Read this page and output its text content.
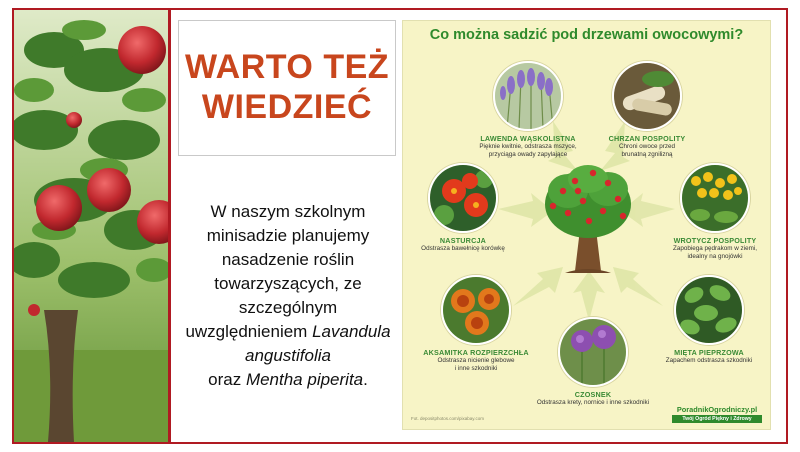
WARTO TEŻ
WIEDZIEĆ
W naszym szkolnym minisadzie planujemy nasadzenie roślin towarzyszących, ze szczególnym uwzględnieniem Lavandula angustifolia
oraz Mentha piperita.
Co można sadzić pod drzewami owocowymi?
LAWENDA WĄSKOLISTNA
Pięknie kwitnie, odstrasza mszyce,
przyciąga owady zapylające
CHRZAN POSPOLITY
Chroni owoce przed
brunatną zgnilizną
NASTURCJA
Odstrasza bawełnicę korówkę
WROTYCZ POSPOLITY
Zapobiega pędrakom w ziemi,
idealny na gnojówki
AKSAMITKA ROZPIERZCHŁA
Odstrasza nicienie glebowe
i inne szkodniki
MIĘTA PIEPRZOWA
Zapachem odstrasza szkodniki
CZOSNEK
Odstrasza krety, nornice i inne szkodniki
Fot. depositphotos.com/pixabay.com
PoradnikOgrodniczy.pl
Twój Ogród Piękny i Zdrowy
